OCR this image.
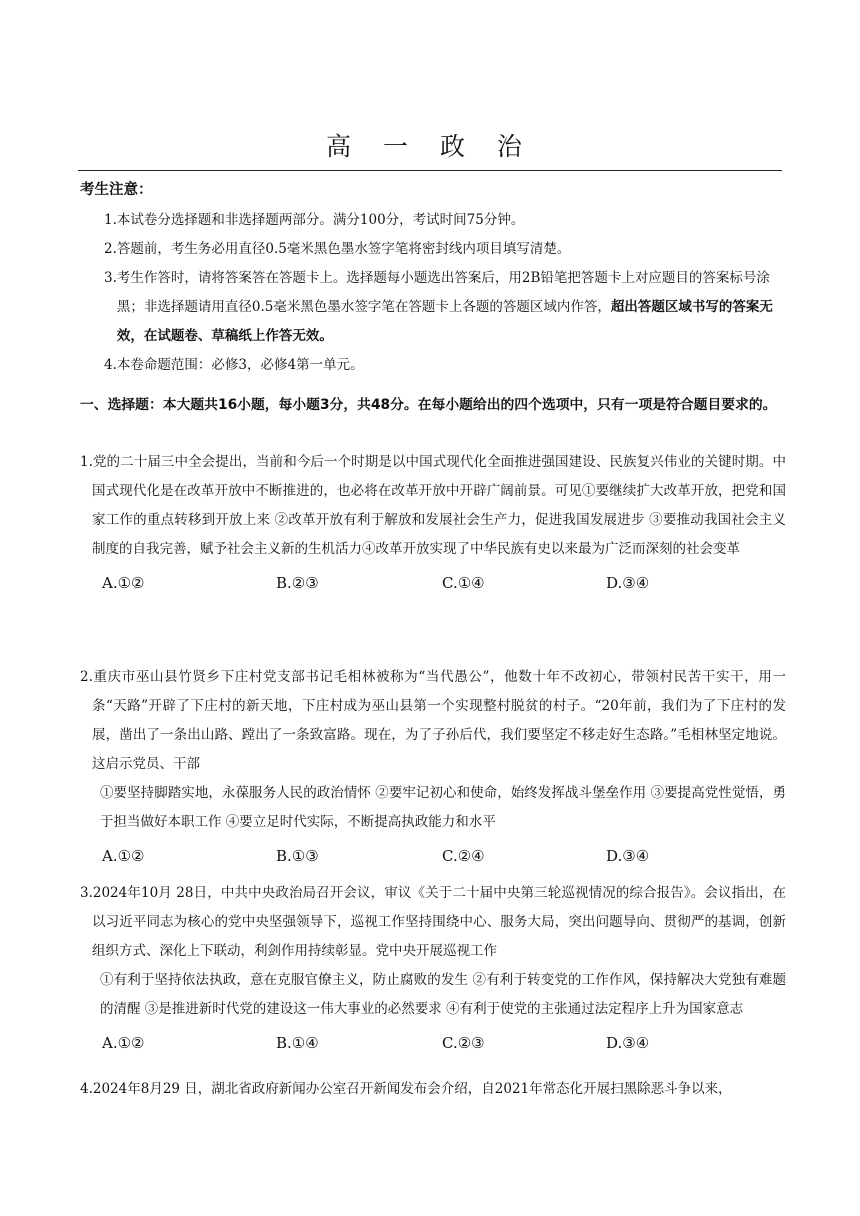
高 一 政 治
考生注意：
1. 本试卷分选择题和非选择题两部分。满分100分，考试时间75分钟。
2. 答题前，考生务必用直径0.5毫米黑色墨水签字笔将密封线内项目填写清楚。
3. 考生作答时，请将答案答在答题卡上。选择题每小题选出答案后，用2B铅笔把答题卡上对应题目的答案标号涂黑；非选择题请用直径0.5毫米黑色墨水签字笔在答题卡上各题的答题区域内作答，超出答题区域书写的答案无效，在试题卷、草稿纸上作答无效。
4. 本卷命题范围：必修3，必修4第一单元。
一、选择题：本大题共16小题，每小题3分，共48分。在每小题给出的四个选项中，只有一项是符合题目要求的。
1.党的二十届三中全会提出，当前和今后一个时期是以中国式现代化全面推进强国建设、民族复兴伟业的关键时期。中国式现代化是在改革开放中不断推进的，也必将在改革开放中开辟广阔前景。可见①要继续扩大改革开放，把党和国家工作的重点转移到开放上来 ②改革开放有利于解放和发展社会生产力，促进我国发展进步 ③要推动我国社会主义制度的自我完善，赋予社会主义新的生机活力④改革开放实现了中华民族有史以来最为广泛而深刻的社会变革
A.①②	B.②③	C.①④	D.③④
2.重庆市巫山县竹贤乡下庄村党支部书记毛相林被称为“当代愚公”，他数十年不改初心，带领村民苦干实干，用一条“天路”开辟了下庄村的新天地，下庄村成为巫山县第一个实现整村脱贫的村子。“20年前，我们为了下庄村的发展，凿出了一条出山路、蹚出了一条致富路。现在，为了子孙后代，我们要坚定不移走好生态路。”毛相林坚定地说。这启示党员、干部
①要坚持脚踏实地，永葆服务人民的政治情怀 ②要牢记初心和使命，始终发挥战斗堡垒作用 ③要提高党性觉悟，勇于担当做好本职工作 ④要立足时代实际，不断提高执政能力和水平
A.①②	B.①③	C.②④	D.③④
3.2024年10月 28日，中共中央政治局召开会议，审议《关于二十届中央第三轮巡视情况的综合报告》。会议指出，在以习近平同志为核心的党中央坚强领导下，巡视工作坚持围绕中心、服务大局，突出问题导向、贯彻严的基调，创新组织方式、深化上下联动，利剑作用持续彰显。党中央开展巡视工作
①有利于坚持依法执政，意在克服官僚主义，防止腐败的发生 ②有利于转变党的工作作风，保持解决大党独有难题的清醒 ③是推进新时代党的建设这一伟大事业的必然要求 ④有利于使党的主张通过法定程序上升为国家意志
A.①②	B.①④	C.②③	D.③④
4.2024年8月29 日，湖北省政府新闻办公室召开新闻发布会介绍，自2021年常态化开展扫黑除恶斗争以来，
